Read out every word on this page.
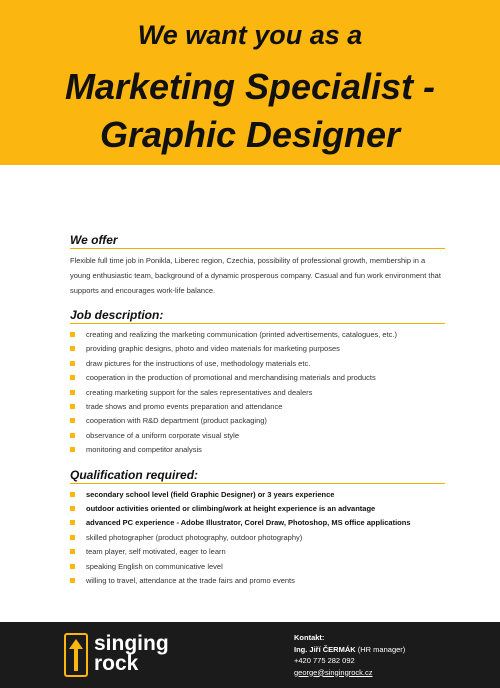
We want you as a
Marketing Specialist -
Graphic Designer
We offer

Flexible full time job in Ponikla, Liberec region, Czechia, possibility of professional growth, membership in a young enthusiastic team, background of a dynamic prosperous company. Casual and fun work environment that supports and encourages work-life balance.

Job description:
creating and realizing the marketing communication (printed advertisements, catalogues, etc.)
providing graphic designs, photo and video materials for marketing purposes
draw pictures for the instructions of use, methodology materials etc.
cooperation in the production of promotional and merchandising materials and products
creating marketing support for the sales representatives and dealers
trade shows and promo events preparation and attendance
cooperation with R&D department (product packaging)
observance of a uniform corporate visual style
monitoring and competitor analysis
Qualification required:
secondary school level (field Graphic Designer) or 3 years experience
outdoor activities oriented or climbing/work at height experience is an advantage
advanced PC experience - Adobe Illustrator, Corel Draw, Photoshop, MS office applications
skilled photographer (product photography, outdoor photography)
team player, self motivated, eager to learn
speaking English on communicative level
willing to travel, attendance at the trade fairs and promo events
singing
rock
Kontakt:
Ing. Jiří ČERMÁK (HR manager)
+420 775 282 092
george@singingrock.cz
